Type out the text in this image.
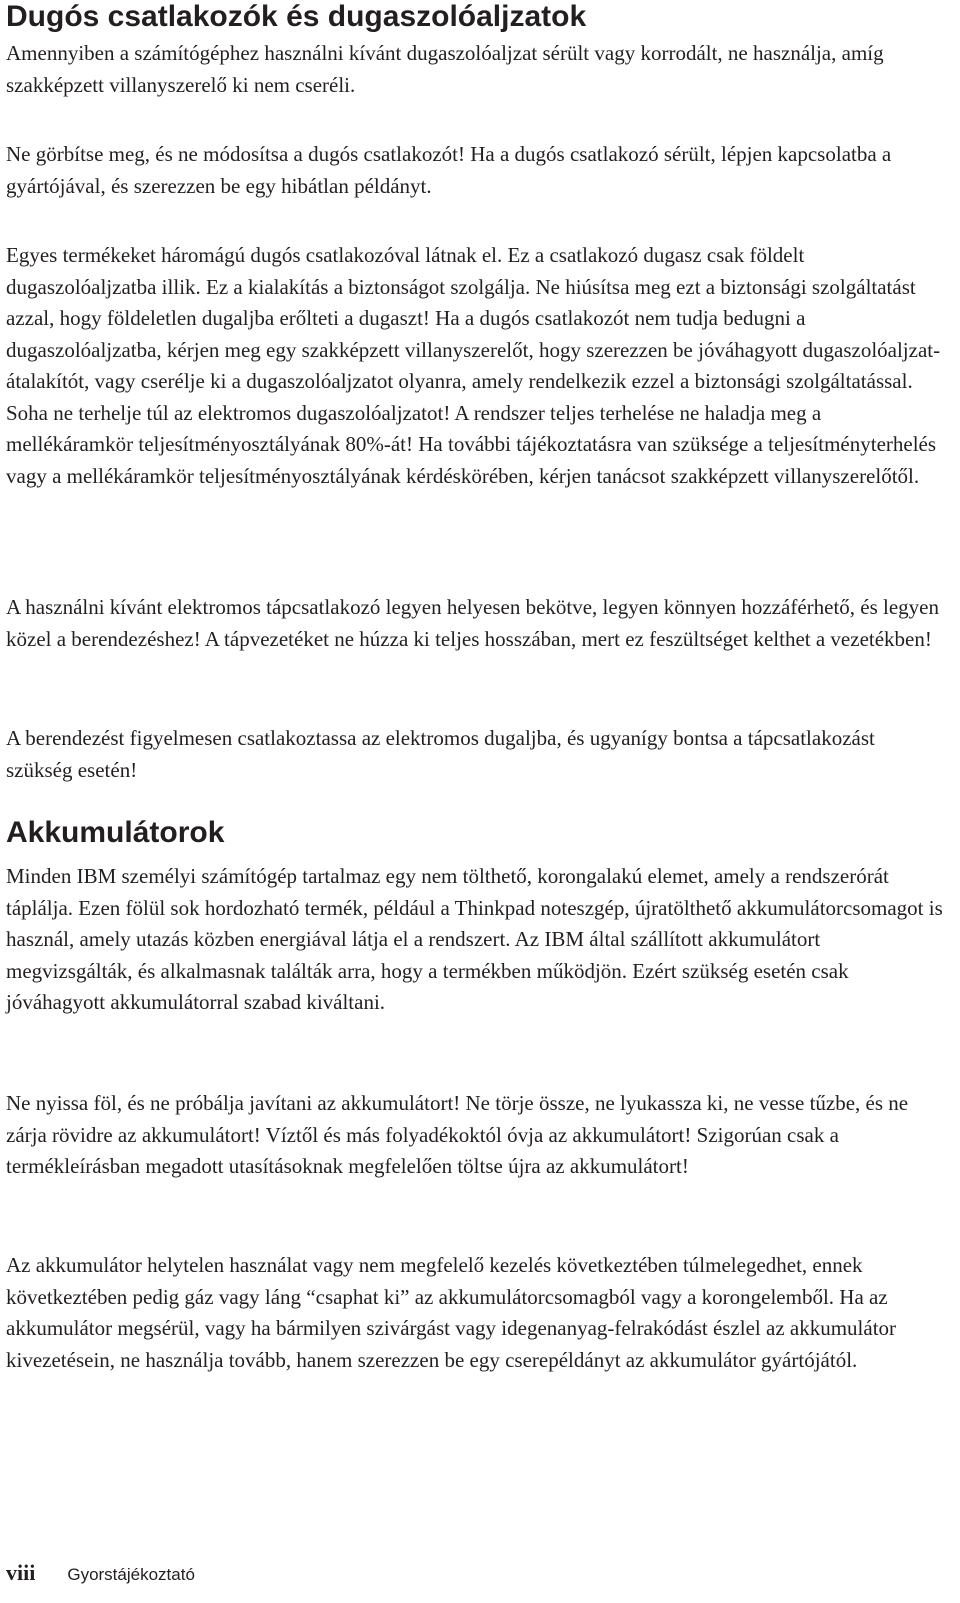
Dugós csatlakozók és dugaszolóaljzatok

Amennyiben a számítógéphez használni kívánt dugaszolóaljzat sérült vagy korrodált, ne használja, amíg szakképzett villanyszerelő ki nem cseréli.

Ne görbítse meg, és ne módosítsa a dugós csatlakozót! Ha a dugós csatlakozó sérült, lépjen kapcsolatba a gyártójával, és szerezzen be egy hibátlan példányt.

Egyes termékeket háromágú dugós csatlakozóval látnak el. Ez a csatlakozó dugasz csak földelt dugaszolóaljzatba illik. Ez a kialakítás a biztonságot szolgálja. Ne hiúsítsa meg ezt a biztonsági szolgáltatást azzal, hogy földeletlen dugaljba erőlteti a dugaszt! Ha a dugós csatlakozót nem tudja bedugni a dugaszolóaljzatba, kérjen meg egy szakképzett villanyszerelőt, hogy szerezzen be jóváhagyott dugaszolóaljzat-átalakítót, vagy cserélje ki a dugaszolóaljzatot olyanra, amely rendelkezik ezzel a biztonsági szolgáltatással. Soha ne terhelje túl az elektromos dugaszolóaljzatot! A rendszer teljes terhelése ne haladja meg a mellékáramkör teljesítményosztályának 80%-át! Ha további tájékoztatásra van szüksége a teljesítményterhelés vagy a mellékáramkör teljesítményosztályának kérdéskörében, kérjen tanácsot szakképzett villanyszerelőtől.

A használni kívánt elektromos tápcsatlakozó legyen helyesen bekötve, legyen könnyen hozzáférhető, és legyen közel a berendezéshez! A tápvezetéket ne húzza ki teljes hosszában, mert ez feszültséget kelthet a vezetékben!

A berendezést figyelmesen csatlakoztassa az elektromos dugaljba, és ugyanígy bontsa a tápcsatlakozást szükség esetén!

Akkumulátorok

Minden IBM személyi számítógép tartalmaz egy nem tölthető, korongalakú elemet, amely a rendszerórát táplálja. Ezen fölül sok hordozható termék, például a Thinkpad noteszgép, újratölthető akkumulátorcsomagot is használ, amely utazás közben energiával látja el a rendszert. Az IBM által szállított akkumulátort megvizsgálták, és alkalmasnak találták arra, hogy a termékben működjön. Ezért szükség esetén csak jóváhagyott akkumulátorral szabad kiváltani.

Ne nyissa föl, és ne próbálja javítani az akkumulátort! Ne törje össze, ne lyukassza ki, ne vesse tűzbe, és ne zárja rövidre az akkumulátort! Víztől és más folyadékoktól óvja az akkumulátort! Szigorúan csak a termékleírásban megadott utasításoknak megfelelően töltse újra az akkumulátort!

Az akkumulátor helytelen használat vagy nem megfelelő kezelés következtében túlmelegedhet, ennek következtében pedig gáz vagy láng “csaphat ki” az akkumulátorcsomagból vagy a korongelemből. Ha az akkumulátor megsérül, vagy ha bármilyen szivárgást vagy idegenanyag-felrakódást észlel az akkumulátor kivezetésein, ne használja tovább, hanem szerezzen be egy cserepéldányt az akkumulátor gyártójától.

viii Gyorstájékoztató
